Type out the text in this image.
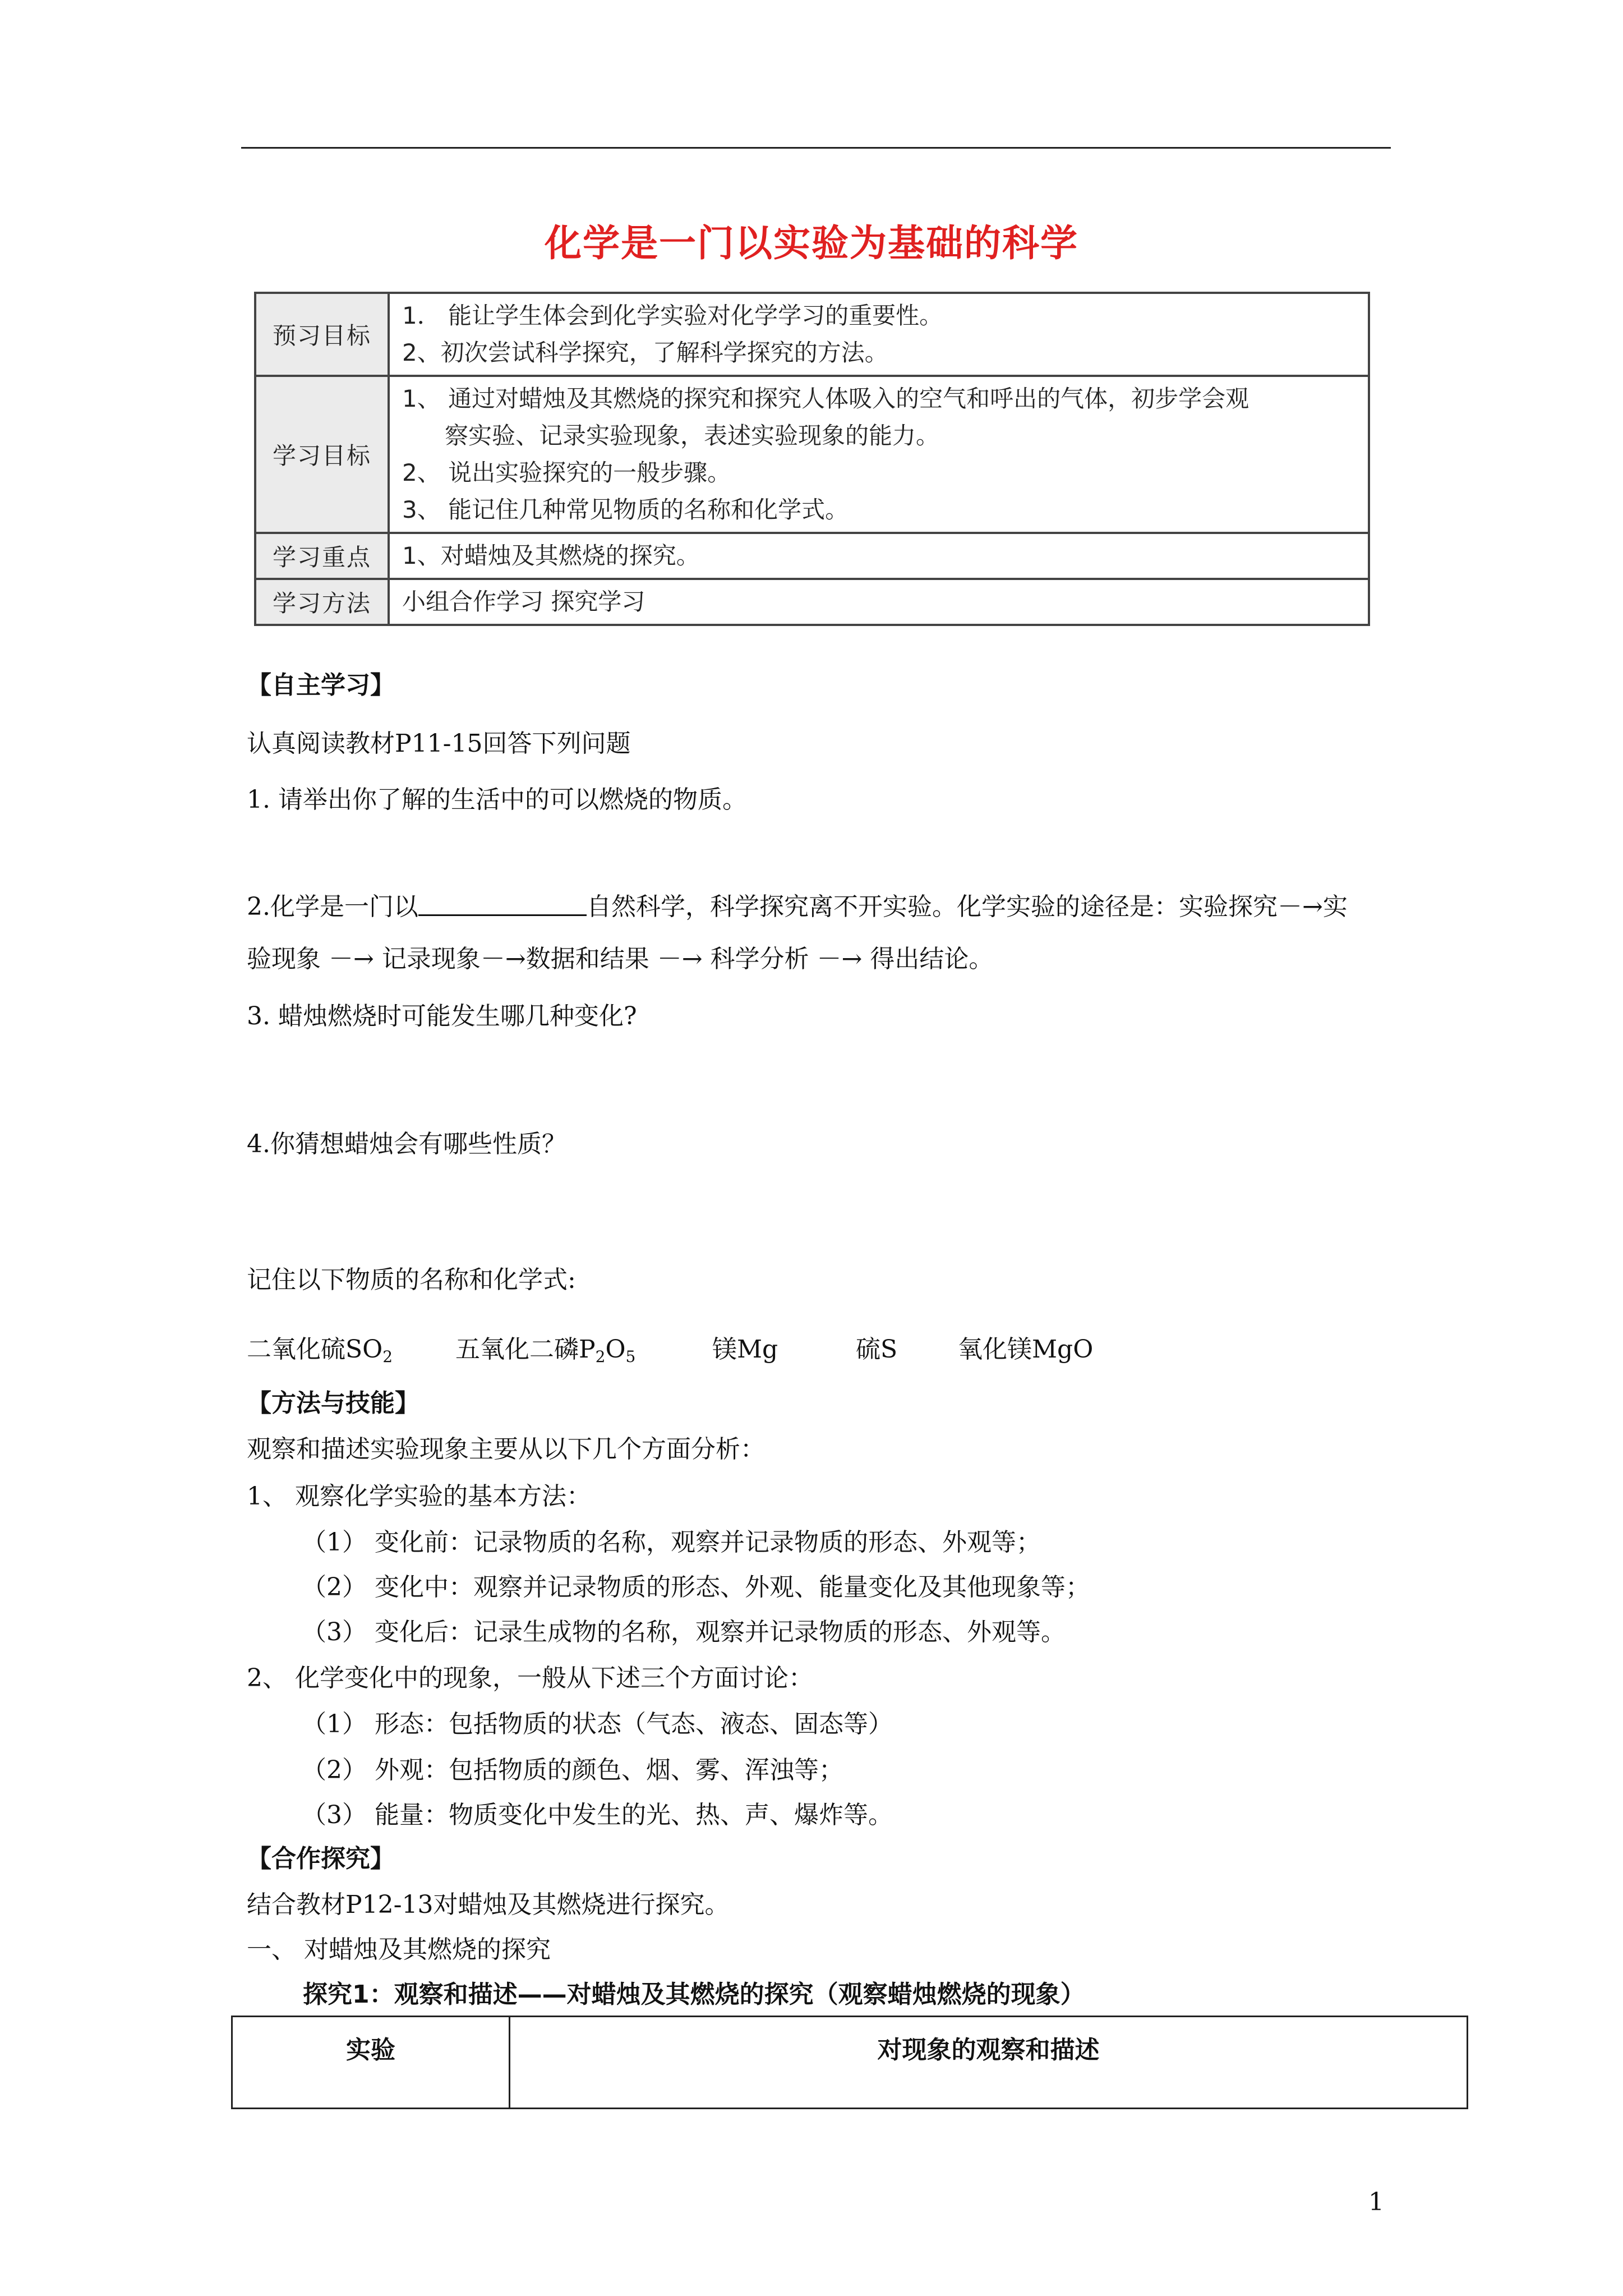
化学是一门以实验为基础的科学
预习目标	1． 能让学生体会到化学实验对化学学习的重要性。
2、初次尝试科学探究，了解科学探究的方法。

学习目标	1、 通过对蜡烛及其燃烧的探究和探究人体吸入的空气和呼出的气体，初步学会观
察实验、记录实验现象，表述实验现象的能力。
2、 说出实验探究的一般步骤。
3、 能记住几种常见物质的名称和化学式。

学习重点	1、对蜡烛及其燃烧的探究。

学习方法	小组合作学习 探究学习
【自主学习】
认真阅读教材P11-15回答下列问题
1. 请举出你了解的生活中的可以燃烧的物质。
2.化学是一门以	自然科学，科学探究离不开实验。化学实验的途径是：实验探究－→实
验现象 －→ 记录现象－→数据和结果 －→ 科学分析 －→ 得出结论。
3. 蜡烛燃烧时可能发生哪几种变化?
4.你猜想蜡烛会有哪些性质？
记住以下物质的名称和化学式:
二氧化硫$SO_2$	五氧化二磷$P_2O_5$	镁Mg	硫S 氧化镁MgO
【方法与技能】
观察和描述实验现象主要从以下几个方面分析：
1、 观察化学实验的基本方法：
（1） 变化前：记录物质的名称，观察并记录物质的形态、外观等；
（2） 变化中：观察并记录物质的形态、外观、能量变化及其他现象等；
（3） 变化后：记录生成物的名称，观察并记录物质的形态、外观等。
2、 化学变化中的现象，一般从下述三个方面讨论：
（1） 形态：包括物质的状态（气态、液态、固态等）
（2） 外观：包括物质的颜色、烟、雾、浑浊等；
（3） 能量：物质变化中发生的光、热、声、爆炸等。
【合作探究】
结合教材P12-13对蜡烛及其燃烧进行探究。
一、 对蜡烛及其燃烧的探究
探究1：观察和描述——对蜡烛及其燃烧的探究（观察蜡烛燃烧的现象）
实验	对现象的观察和描述
1
